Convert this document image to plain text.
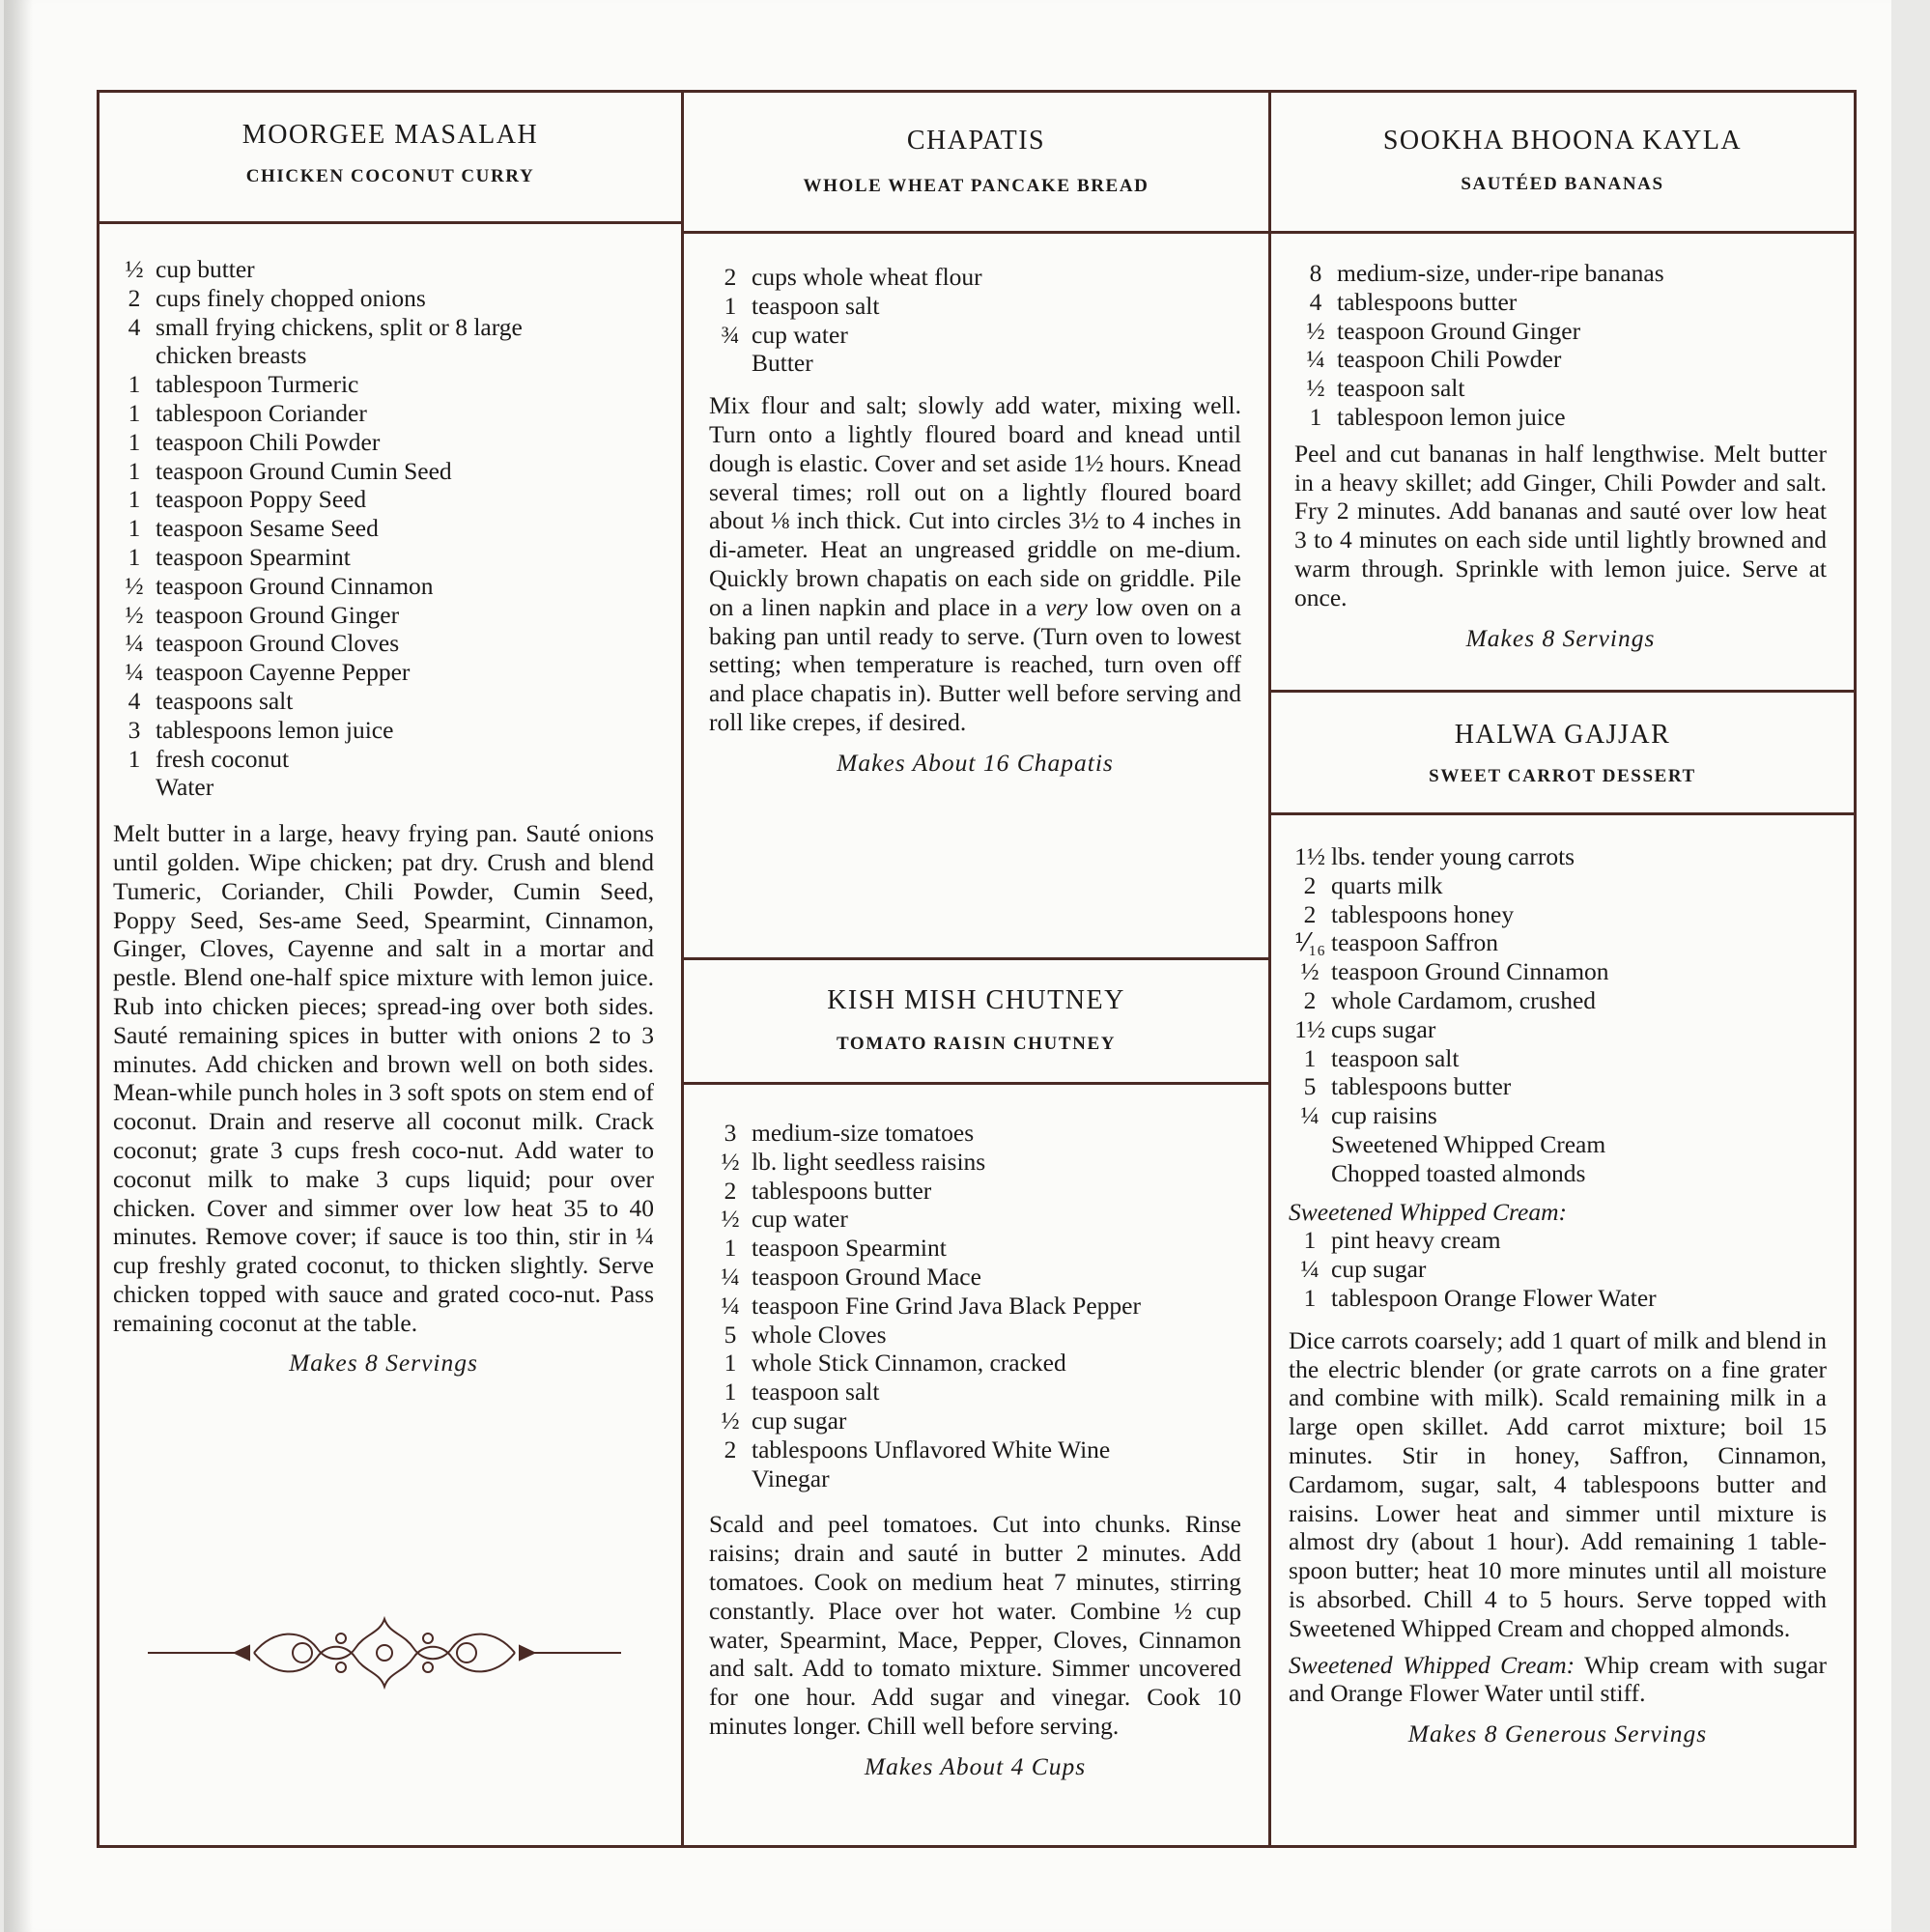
MOORGEE MASALAH
CHICKEN COCONUT CURRY
½ cup butter
2 cups finely chopped onions
4 small frying chickens, split or 8 large
chicken breasts
1 tablespoon Turmeric
1 tablespoon Coriander
1 teaspoon Chili Powder
1 teaspoon Ground Cumin Seed
1 teaspoon Poppy Seed
1 teaspoon Sesame Seed
1 teaspoon Spearmint
½ teaspoon Ground Cinnamon
½ teaspoon Ground Ginger
¼ teaspoon Ground Cloves
¼ teaspoon Cayenne Pepper
4 teaspoons salt
3 tablespoons lemon juice
1 fresh coconut
Water

Melt butter in a large, heavy frying pan. Sauté onions until golden. Wipe chicken; pat dry. Crush and blend Tumeric, Coriander, Chili Powder, Cumin Seed, Poppy Seed, Ses-ame Seed, Spearmint, Cinnamon, Ginger, Cloves, Cayenne and salt in a mortar and pestle. Blend one-half spice mixture with lemon juice. Rub into chicken pieces; spread-ing over both sides. Sauté remaining spices in butter with onions 2 to 3 minutes. Add chicken and brown well on both sides. Mean-while punch holes in 3 soft spots on stem end of coconut. Drain and reserve all coconut milk. Crack coconut; grate 3 cups fresh coco-nut. Add water to coconut milk to make 3 cups liquid; pour over chicken. Cover and simmer over low heat 35 to 40 minutes. Remove cover; if sauce is too thin, stir in ¼ cup freshly grated coconut, to thicken slightly. Serve chicken topped with sauce and grated coco-nut. Pass remaining coconut at the table.

Makes 8 Servings
CHAPATIS
WHOLE WHEAT PANCAKE BREAD
2 cups whole wheat flour
1 teaspoon salt
¾ cup water
Butter

Mix flour and salt; slowly add water, mixing well. Turn onto a lightly floured board and knead until dough is elastic. Cover and set aside 1½ hours. Knead several times; roll out on a lightly floured board about ⅛ inch thick. Cut into circles 3½ to 4 inches in di-ameter. Heat an ungreased griddle on me-dium. Quickly brown chapatis on each side on griddle. Pile on a linen napkin and place in a very low oven on a baking pan until ready to serve. (Turn oven to lowest setting; when temperature is reached, turn oven off and place chapatis in). Butter well before serving and roll like crepes, if desired.

Makes About 16 Chapatis
KISH MISH CHUTNEY
TOMATO RAISIN CHUTNEY
3 medium-size tomatoes
½ lb. light seedless raisins
2 tablespoons butter
½ cup water
1 teaspoon Spearmint
¼ teaspoon Ground Mace
¼ teaspoon Fine Grind Java Black Pepper
5 whole Cloves
1 whole Stick Cinnamon, cracked
1 teaspoon salt
½ cup sugar
2 tablespoons Unflavored White Wine
Vinegar

Scald and peel tomatoes. Cut into chunks. Rinse raisins; drain and sauté in butter 2 minutes. Add tomatoes. Cook on medium heat 7 minutes, stirring constantly. Place over hot water. Combine ½ cup water, Spearmint, Mace, Pepper, Cloves, Cinnamon and salt. Add to tomato mixture. Simmer uncovered for one hour. Add sugar and vinegar. Cook 10 minutes longer. Chill well before serving.

Makes About 4 Cups
SOOKHA BHOONA KAYLA
SAUTÉED BANANAS
8 medium-size, under-ripe bananas
4 tablespoons butter
½ teaspoon Ground Ginger
¼ teaspoon Chili Powder
½ teaspoon salt
1 tablespoon lemon juice

Peel and cut bananas in half lengthwise. Melt butter in a heavy skillet; add Ginger, Chili Powder and salt. Fry 2 minutes. Add bananas and sauté over low heat 3 to 4 minutes on each side until lightly browned and warm through. Sprinkle with lemon juice. Serve at once.

Makes 8 Servings
HALWA GAJJAR
SWEET CARROT DESSERT
1½ lbs. tender young carrots
2 quarts milk
2 tablespoons honey
⅟₁₆ teaspoon Saffron
½ teaspoon Ground Cinnamon
2 whole Cardamom, crushed
1½ cups sugar
1 teaspoon salt
5 tablespoons butter
¼ cup raisins
Sweetened Whipped Cream
Chopped toasted almonds
Sweetened Whipped Cream:
1 pint heavy cream
¼ cup sugar
1 tablespoon Orange Flower Water

Dice carrots coarsely; add 1 quart of milk and blend in the electric blender (or grate carrots on a fine grater and combine with milk). Scald remaining milk in a large open skillet. Add carrot mixture; boil 15 minutes. Stir in honey, Saffron, Cinnamon, Cardamom, sugar, salt, 4 tablespoons butter and raisins. Lower heat and simmer until mixture is almost dry (about 1 hour). Add remaining 1 table-spoon butter; heat 10 more minutes until all moisture is absorbed. Chill 4 to 5 hours. Serve topped with Sweetened Whipped Cream and chopped almonds.

Sweetened Whipped Cream: Whip cream with sugar and Orange Flower Water until stiff.

Makes 8 Generous Servings
